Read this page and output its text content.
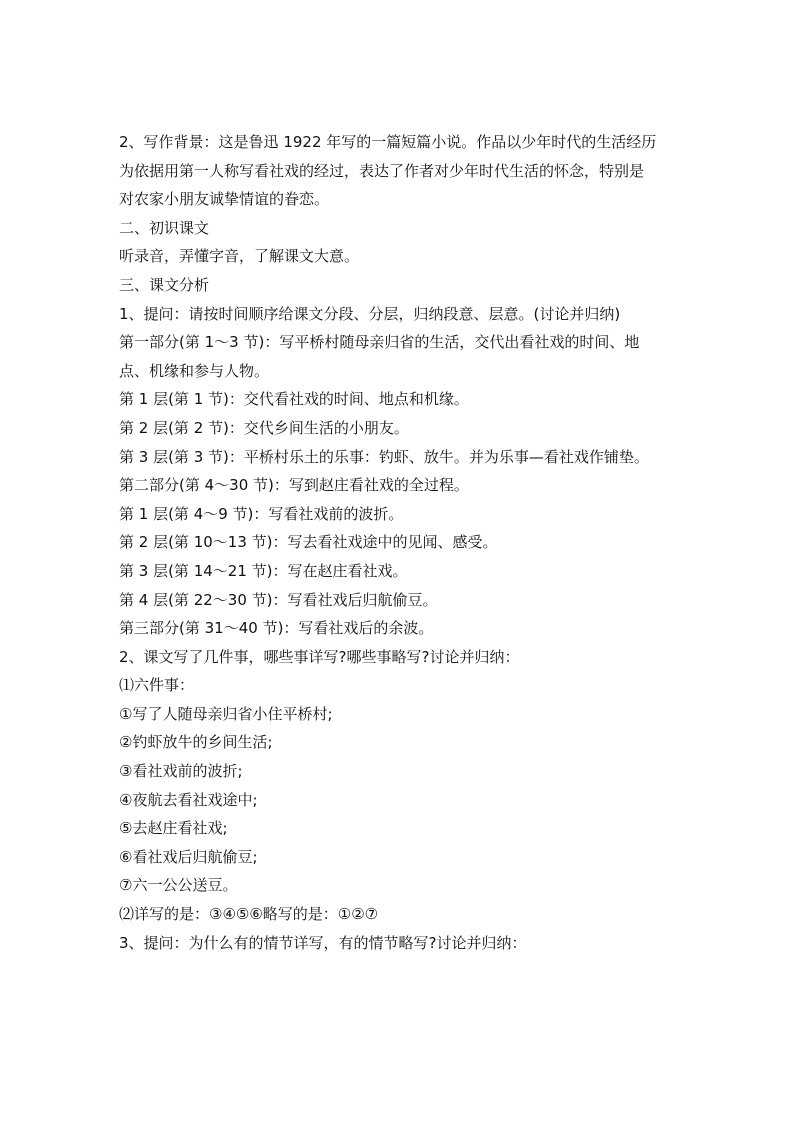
2、写作背景：这是鲁迅 1922 年写的一篇短篇小说。作品以少年时代的生活经历

为依据用第一人称写看社戏的经过，表达了作者对少年时代生活的怀念，特别是

对农家小朋友诚挚情谊的眷恋。

二、初识课文

听录音，弄懂字音，了解课文大意。

三、课文分析

1、提问：请按时间顺序给课文分段、分层，归纳段意、层意。(讨论并归纳)

第一部分(第 1～3 节)：写平桥村随母亲归省的生活，交代出看社戏的时间、地

点、机缘和参与人物。

第 1 层(第 1 节)：交代看社戏的时间、地点和机缘。

第 2 层(第 2 节)：交代乡间生活的小朋友。

第 3 层(第 3 节)：平桥村乐土的乐事：钓虾、放牛。并为乐事—看社戏作铺垫。

第二部分(第 4～30 节)：写到赵庄看社戏的全过程。

第 1 层(第 4～9 节)：写看社戏前的波折。

第 2 层(第 10～13 节)：写去看社戏途中的见闻、感受。

第 3 层(第 14～21 节)：写在赵庄看社戏。

第 4 层(第 22～30 节)：写看社戏后归航偷豆。

第三部分(第 31～40 节)：写看社戏后的余波。

2、课文写了几件事，哪些事详写?哪些事略写?讨论并归纳：

⑴六件事：

①写了人随母亲归省小住平桥村;

②钓虾放牛的乡间生活;

③看社戏前的波折;

④夜航去看社戏途中;

⑤去赵庄看社戏;

⑥看社戏后归航偷豆;

⑦六一公公送豆。

⑵详写的是：③④⑤⑥略写的是：①②⑦

3、提问：为什么有的情节详写，有的情节略写?讨论并归纳：
